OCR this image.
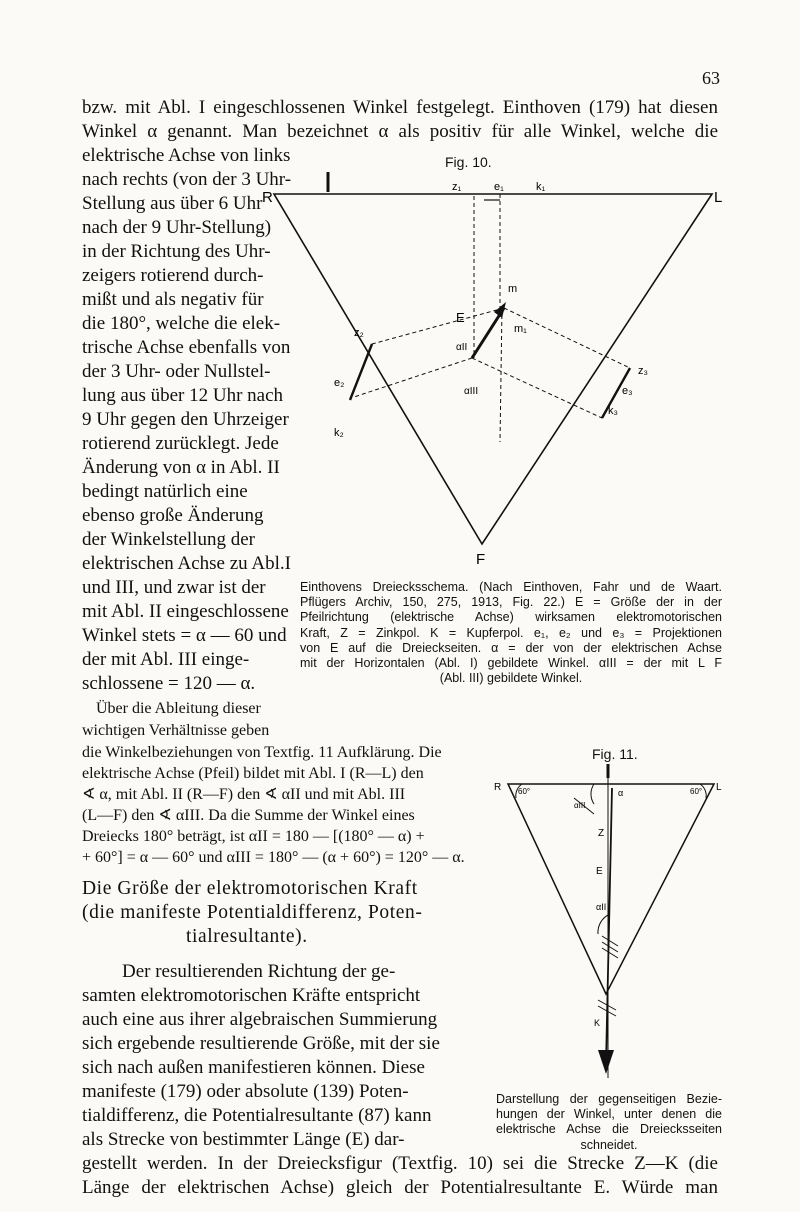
63
bzw. mit Abl. I eingeschlossenen Winkel festgelegt. Einthoven (179) hat diesen
Winkel α genannt. Man bezeichnet α als positiv für alle Winkel, welche die
elektrische Achse von links
nach rechts (von der 3 Uhr-
Stellung aus über 6 Uhr
nach der 9 Uhr-Stellung)
in der Richtung des Uhr-
zeigers rotierend durch-
mißt und als negativ für
die 180°, welche die elek-
trische Achse ebenfalls von
der 3 Uhr- oder Nullstel-
lung aus über 12 Uhr nach
9 Uhr gegen den Uhrzeiger
rotierend zurücklegt. Jede
Änderung von α in Abl. II
bedingt natürlich eine
ebenso große Änderung
der Winkelstellung der
elektrischen Achse zu Abl.I
und III, und zwar ist der
mit Abl. II eingeschlossene
Winkel stets = α — 60 und
der mit Abl. III einge-
schlossene = 120 — α.
Über die Ableitung dieser
wichtigen Verhältnisse geben
Fig. 10.
R	L
F
z₁	e₁	k₁
z₂
e₂
k₂
z₃
e₃
k₃
m
m₁
αII
αIII
E
Einthovens Dreiecksschema. (Nach Einthoven, Fahr und de Waart.
Pflügers Archiv, 150, 275, 1913, Fig. 22.) E = Größe der in der
Pfeilrichtung (elektrische Achse) wirksamen elektromotorischen
Kraft, Z = Zinkpol. K = Kupferpol. e₁, e₂ und e₃ = Projektionen
von E auf die Dreieckseiten. α = der von der elektrischen Achse
mit der Horizontalen (Abl. I) gebildete Winkel. αIII = der mit L F
(Abl. III) gebildete Winkel.
die Winkelbeziehungen von Textfig. 11 Aufklärung. Die
elektrische Achse (Pfeil) bildet mit Abl. I (R—L) den
∢ α, mit Abl. II (R—F) den ∢ αII und mit Abl. III
(L—F) den ∢ αIII. Da die Summe der Winkel eines
Dreiecks 180° beträgt, ist αII = 180 — [(180° — α) +
+ 60°] = α — 60° und αIII = 180° — (α + 60°) = 120° — α.
Die Größe der elektromotorischen Kraft
(die manifeste Potentialdifferenz, Poten-
tialresultante).
Der resultierenden Richtung der ge-
samten elektromotorischen Kräfte entspricht
auch eine aus ihrer algebraischen Summierung
sich ergebende resultierende Größe, mit der sie
sich nach außen manifestieren können. Diese
manifeste (179) oder absolute (139) Poten-
tialdifferenz, die Potentialresultante (87) kann
als Strecke von bestimmter Länge (E) dar-
Fig. 11.
R	L
60°	60°
α
Z
E
αII
αIII
K
Darstellung der gegenseitigen Bezie-
hungen der Winkel, unter denen die
elektrische Achse die Dreiecksseiten
schneidet.
gestellt werden. In der Dreiecksfigur (Textfig. 10) sei die Strecke Z—K (die
Länge der elektrischen Achse) gleich der Potentialresultante E. Würde man
